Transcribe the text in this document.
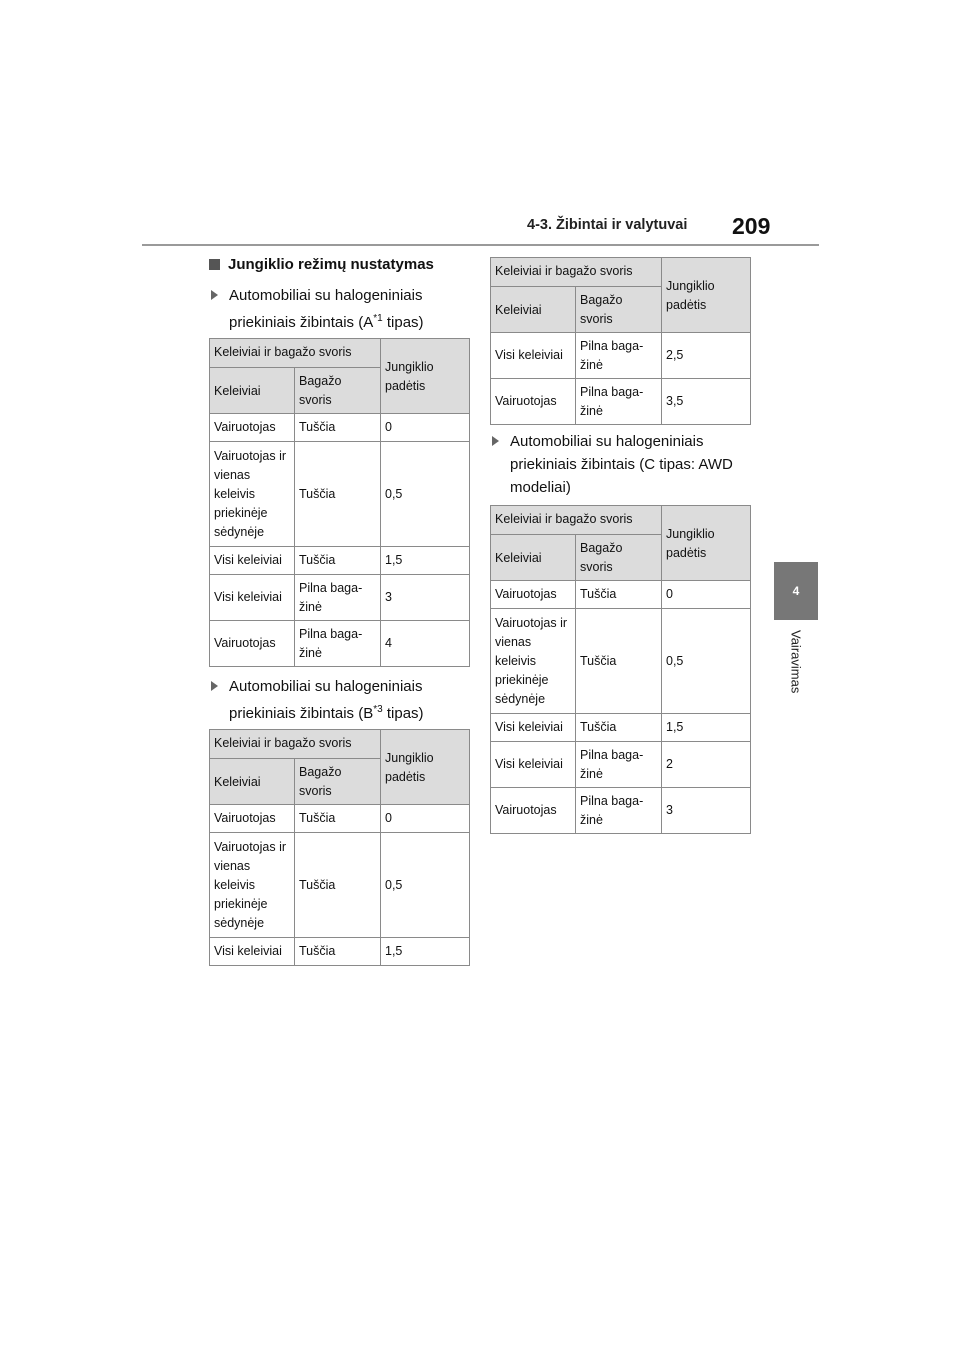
4-3. Žibintai ir valytuvai 209
4
Vairavimas
Jungiklio režimų nustatymas
Automobiliai su halogeniniais priekiniais žibintais ($A^{*1}$ tipas)
Keleiviai ir bagažo svoris		Jungiklio padėtis
Keleiviai	Bagažo svoris	
Vairuotojas	Tuščia	0
Vairuotojas ir vienas keleivis priekinėje sėdynėje	Tuščia	0,5
Visi keleiviai	Tuščia	1,5
Visi keleiviai	Pilna baga-žinė	3
Vairuotojas	Pilna baga-žinė	4
Automobiliai su halogeniniais priekiniais žibintais ($B^{*3}$ tipas)
Keleiviai ir bagažo svoris		Jungiklio padėtis
Keleiviai	Bagažo svoris	
Vairuotojas	Tuščia	0
Vairuotojas ir vienas keleivis priekinėje sėdynėje	Tuščia	0,5
Visi keleiviai	Tuščia	1,5
Keleiviai ir bagažo svoris		Jungiklio padėtis
Keleiviai	Bagažo svoris	
Visi keleiviai	Pilna baga-žinė	2,5
Vairuotojas	Pilna baga-žinė	3,5
Automobiliai su halogeniniais priekiniais žibintais (C tipas: AWD modeliai)
Keleiviai ir bagažo svoris		Jungiklio padėtis
Keleiviai	Bagažo svoris	
Vairuotojas	Tuščia	0
Vairuotojas ir vienas keleivis priekinėje sėdynėje	Tuščia	0,5
Visi keleiviai	Tuščia	1,5
Visi keleiviai	Pilna baga-žinė	2
Vairuotojas	Pilna baga-žinė	3
